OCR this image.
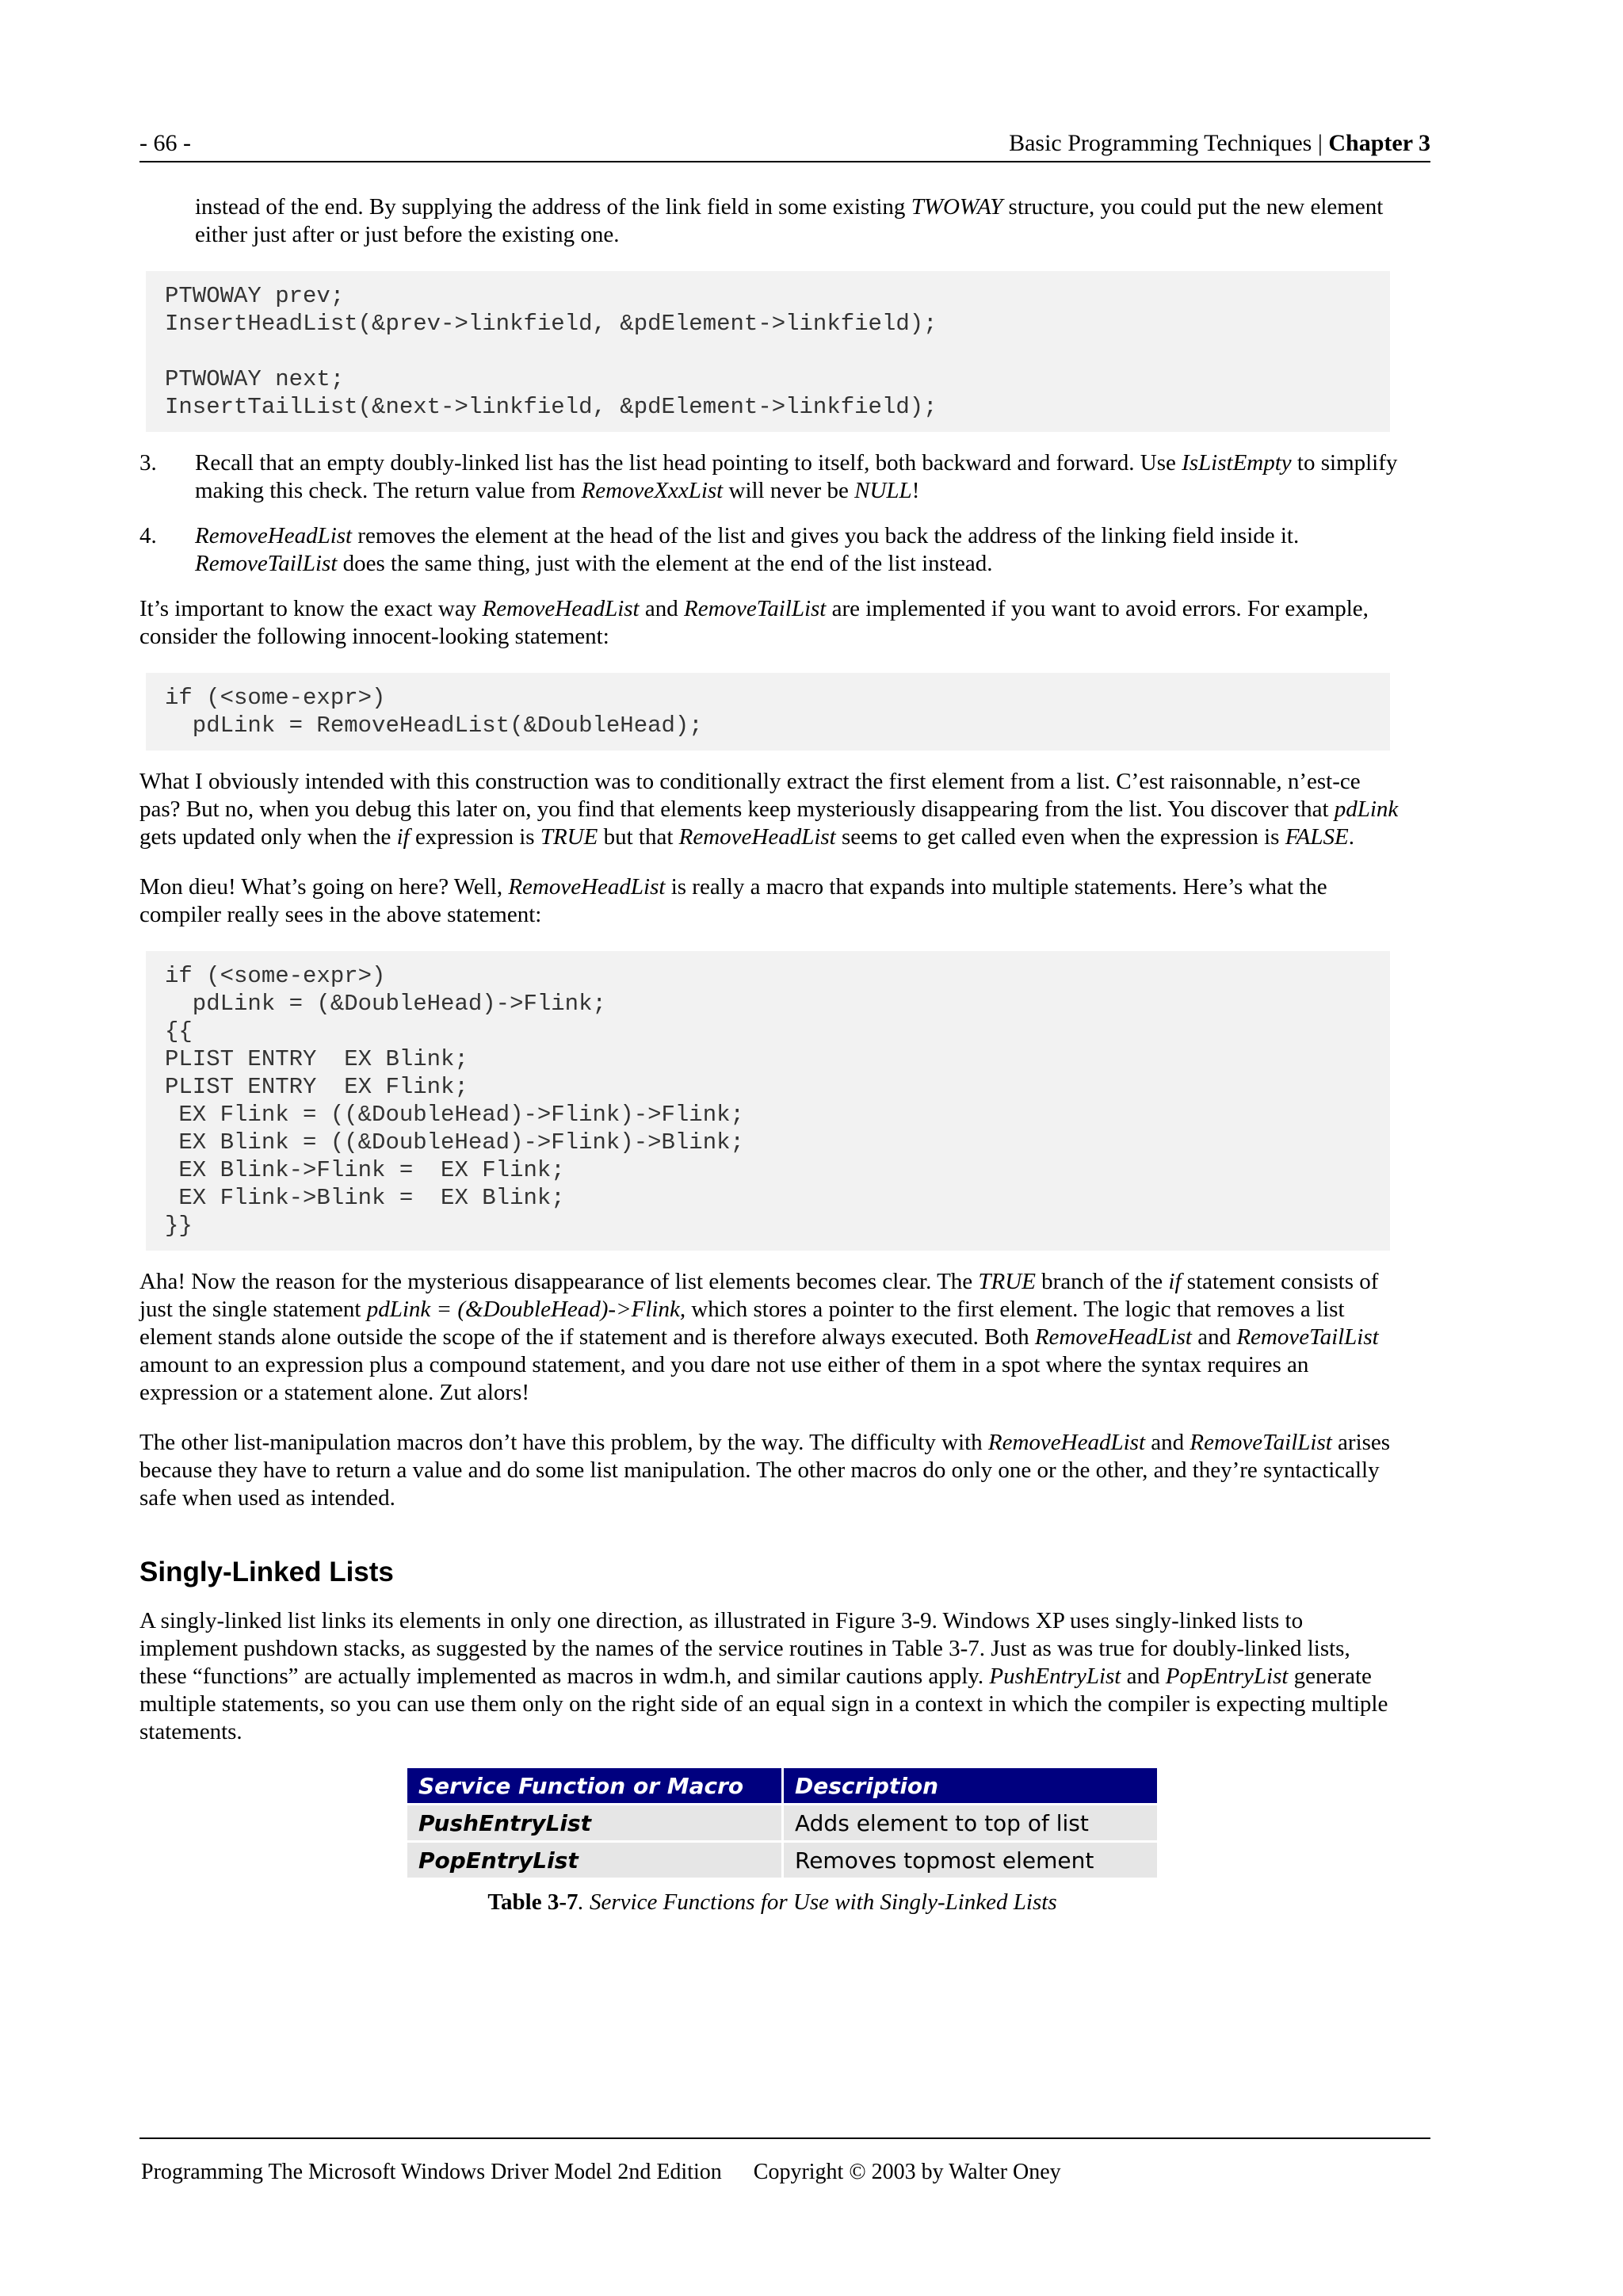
- 66 -	Basic Programming Techniques | Chapter 3

instead of the end. By supplying the address of the link field in some existing TWOWAY structure, you could put the new element either just after or just before the existing one.

PTWOWAY prev;
InsertHeadList(&prev->linkfield, &pdElement->linkfield);

PTWOWAY next;
InsertTailList(&next->linkfield, &pdElement->linkfield);
3.	Recall that an empty doubly-linked list has the list head pointing to itself, both backward and forward. Use IsListEmpty to simplify making this check. The return value from RemoveXxxList will never be NULL!
4.	RemoveHeadList removes the element at the head of the list and gives you back the address of the linking field inside it. RemoveTailList does the same thing, just with the element at the end of the list instead.

It’s important to know the exact way RemoveHeadList and RemoveTailList are implemented if you want to avoid errors. For example, consider the following innocent-looking statement:

if (<some-expr>)
pdLink = RemoveHeadList(&DoubleHead);

What I obviously intended with this construction was to conditionally extract the first element from a list. C’est raisonnable, n’est-ce pas? But no, when you debug this later on, you find that elements keep mysteriously disappearing from the list. You discover that pdLink gets updated only when the if expression is TRUE but that RemoveHeadList seems to get called even when the expression is FALSE.

Mon dieu! What’s going on here? Well, RemoveHeadList is really a macro that expands into multiple statements. Here’s what the compiler really sees in the above statement:

if (<some-expr>)
pdLink = (&DoubleHead)->Flink;
{{
PLIST ENTRY  EX Blink;
PLIST ENTRY  EX Flink;
EX Flink = ((&DoubleHead)->Flink)->Flink;
EX Blink = ((&DoubleHead)->Flink)->Blink;
EX Blink->Flink =  EX Flink;
EX Flink->Blink =  EX Blink;
}}

Aha! Now the reason for the mysterious disappearance of list elements becomes clear. The TRUE branch of the if statement consists of just the single statement pdLink = (&DoubleHead)->Flink, which stores a pointer to the first element. The logic that removes a list element stands alone outside the scope of the if statement and is therefore always executed. Both RemoveHeadList and RemoveTailList amount to an expression plus a compound statement, and you dare not use either of them in a spot where the syntax requires an expression or a statement alone. Zut alors!

The other list-manipulation macros don’t have this problem, by the way. The difficulty with RemoveHeadList and RemoveTailList arises because they have to return a value and do some list manipulation. The other macros do only one or the other, and they’re syntactically safe when used as intended.

Singly-Linked Lists

A singly-linked list links its elements in only one direction, as illustrated in Figure 3-9. Windows XP uses singly-linked lists to implement pushdown stacks, as suggested by the names of the service routines in Table 3-7. Just as was true for doubly-linked lists, these “functions” are actually implemented as macros in wdm.h, and similar cautions apply. PushEntryList and PopEntryList generate multiple statements, so you can use them only on the right side of an equal sign in a context in which the compiler is expecting multiple statements.

Service Function or Macro	Description
PushEntryList	Adds element to top of list
PopEntryList	Removes topmost element
Table 3-7. Service Functions for Use with Singly-Linked Lists
Programming The Microsoft Windows Driver Model 2nd Edition Copyright © 2003 by Walter Oney
